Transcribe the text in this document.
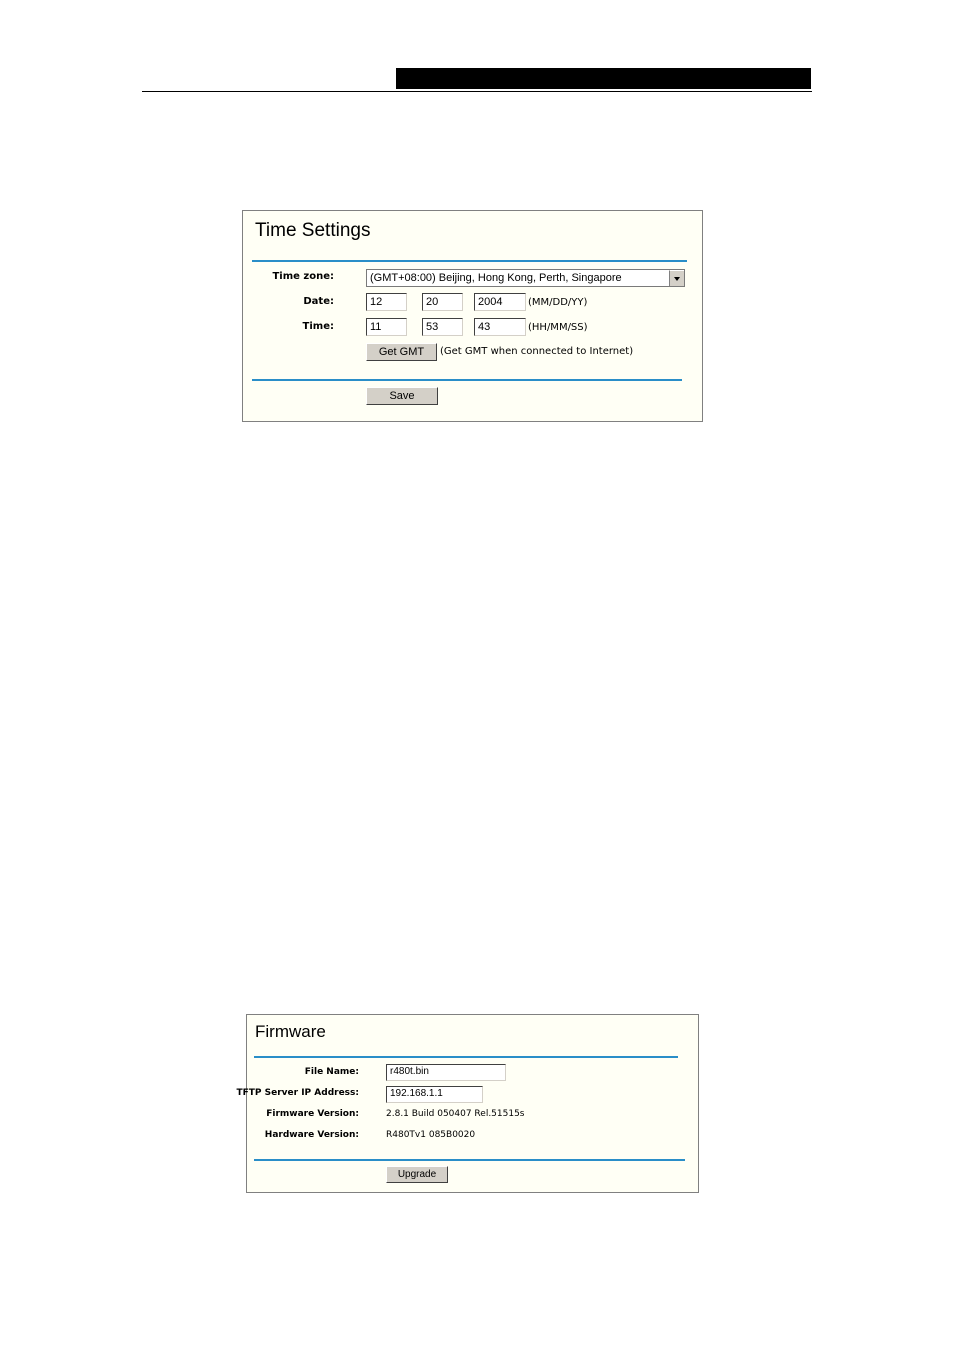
Time Settings
Time zone:	(GMT+08:00) Beijing, Hong Kong, Perth, Singapore
Date:	12	20	2004	(MM/DD/YY)
Time:	11	53	43	(HH/MM/SS)
Get GMT	(Get GMT when connected to Internet)
Save
Firmware
File Name:	r480t.bin
TFTP Server IP Address:	192.168.1.1
Firmware Version:	2.8.1 Build 050407 Rel.51515s
Hardware Version:	R480Tv1 085B0020
Upgrade
